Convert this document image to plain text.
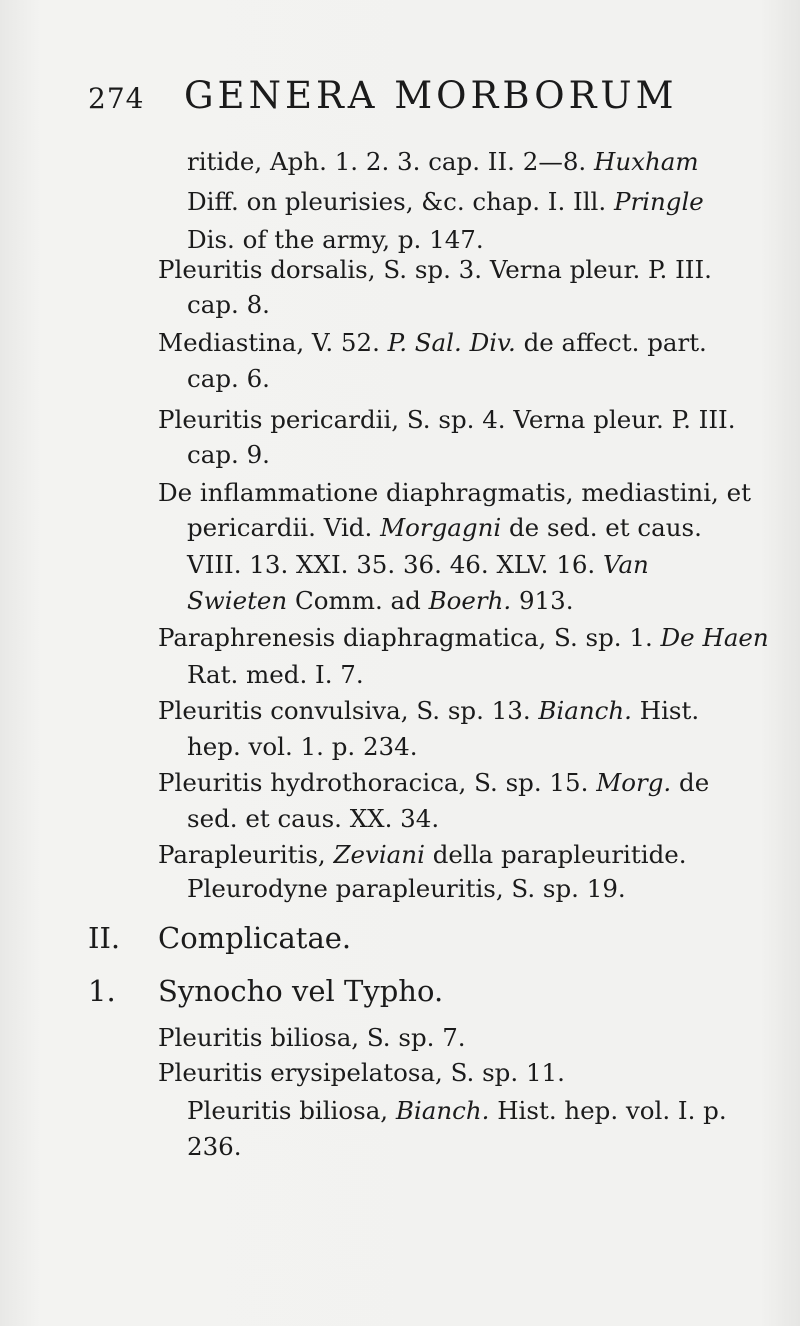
274 GENERA MORBORUM
ritide, Aph. 1. 2. 3. cap. II. 2—8. Huxham
Diff. on pleurisies, &c. chap. I. Ill. Pringle
Dis. of the army, p. 147.
Pleuritis dorsalis, S. sp. 3. Verna pleur. P. III.
cap. 8.
Mediastina, V. 52. P. Sal. Div. de affect. part.
cap. 6.
Pleuritis pericardii, S. sp. 4. Verna pleur. P. III.
cap. 9.
De inflammatione diaphragmatis, mediastini, et
pericardii. Vid. Morgagni de sed. et caus.
VIII. 13. XXI. 35. 36. 46. XLV. 16. Van
Swieten Comm. ad Boerh. 913.
Paraphrenesis diaphragmatica, S. sp. 1. De Haen
Rat. med. I. 7.
Pleuritis convulsiva, S. sp. 13. Bianch. Hist.
hep. vol. 1. p. 234.
Pleuritis hydrothoracica, S. sp. 15. Morg. de
sed. et caus. XX. 34.
Parapleuritis, Zeviani della parapleuritide.
Pleurodyne parapleuritis, S. sp. 19.
II. Complicatae.
1. Synocho vel Typho.
Pleuritis biliosa, S. sp. 7.
Pleuritis erysipelatosa, S. sp. 11.
Pleuritis biliosa, Bianch. Hist. hep. vol. I. p.
236.
